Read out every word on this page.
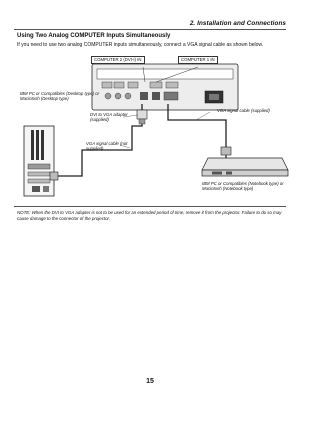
2. Installation and Connections
Using Two Analog COMPUTER Inputs Simultaneously
If you need to use two analog COMPUTER inputs simultaneously, connect a VGA signal cable as shown below.
COMPUTER 2 (DVI-I) IN	COMPUTER 1 IN
IBM PC or Compatibles (Desktop type) or Macintosh (Desktop type)
DVI to VGA adapter (supplied)
VGA signal cable (not supplied)
VGA signal cable (supplied)
IBM PC or Compatibles (Notebook type) or Macintosh (Notebook type)
NOTE: When the DVI to VGA adapter is not to be used for an extended period of time, remove it from the projector. Failure to do so may cause damage to the connector of the projector.
15
